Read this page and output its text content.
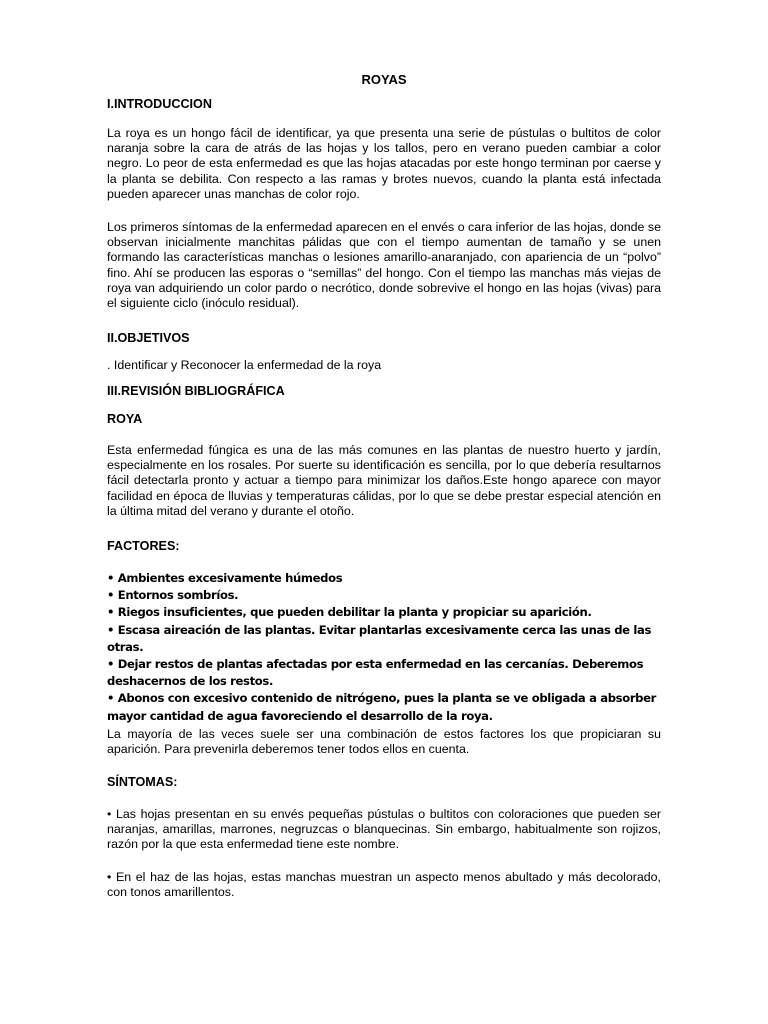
ROYAS
I.INTRODUCCION

La roya es un hongo fácil de identificar, ya que presenta una serie de pústulas o bultitos de color naranja sobre la cara de atrás de las hojas y los tallos, pero en verano pueden cambiar a color negro. Lo peor de esta enfermedad es que las hojas atacadas por este hongo terminan por caerse y la planta se debilita. Con respecto a las ramas y brotes nuevos, cuando la planta está infectada pueden aparecer unas manchas de color rojo.

Los primeros síntomas de la enfermedad aparecen en el envés o cara inferior de las hojas, donde se observan inicialmente manchitas pálidas que con el tiempo aumentan de tamaño y se unen formando las características manchas o lesiones amarillo-anaranjado, con apariencia de un “polvo” fino. Ahí se producen las esporas o “semillas” del hongo. Con el tiempo las manchas más viejas de roya van adquiriendo un color pardo o necrótico, donde sobrevive el hongo en las hojas (vivas) para el siguiente ciclo (inóculo residual).

II.OBJETIVOS
. Identificar y Reconocer la enfermedad de la roya
III.REVISIÓN BIBLIOGRÁFICA
ROYA

Esta enfermedad fúngica es una de las más comunes en las plantas de nuestro huerto y jardín, especialmente en los rosales. Por suerte su identificación es sencilla, por lo que debería resultarnos fácil detectarla pronto y actuar a tiempo para minimizar los daños.Este hongo aparece con mayor facilidad en época de lluvias y temperaturas cálidas, por lo que se debe prestar especial atención en la última mitad del verano y durante el otoño.

FACTORES:
• Ambientes excesivamente húmedos
• Entornos sombríos.
• Riegos insuficientes, que pueden debilitar la planta y propiciar su aparición.
• Escasa aireación de las plantas. Evitar plantarlas excesivamente cerca las unas de las otras.
• Dejar restos de plantas afectadas por esta enfermedad en las cercanías. Deberemos deshacernos de los restos.
• Abonos con excesivo contenido de nitrógeno, pues la planta se ve obligada a absorber mayor cantidad de agua favoreciendo el desarrollo de la roya.

La mayoría de las veces suele ser una combinación de estos factores los que propiciaran su aparición. Para prevenirla deberemos tener todos ellos en cuenta.

SÍNTOMAS:

• Las hojas presentan en su envés pequeñas pústulas o bultitos con coloraciones que pueden ser naranjas, amarillas, marrones, negruzcas o blanquecinas. Sin embargo, habitualmente son rojizos, razón por la que esta enfermedad tiene este nombre.

• En el haz de las hojas, estas manchas muestran un aspecto menos abultado y más decolorado, con tonos amarillentos.
